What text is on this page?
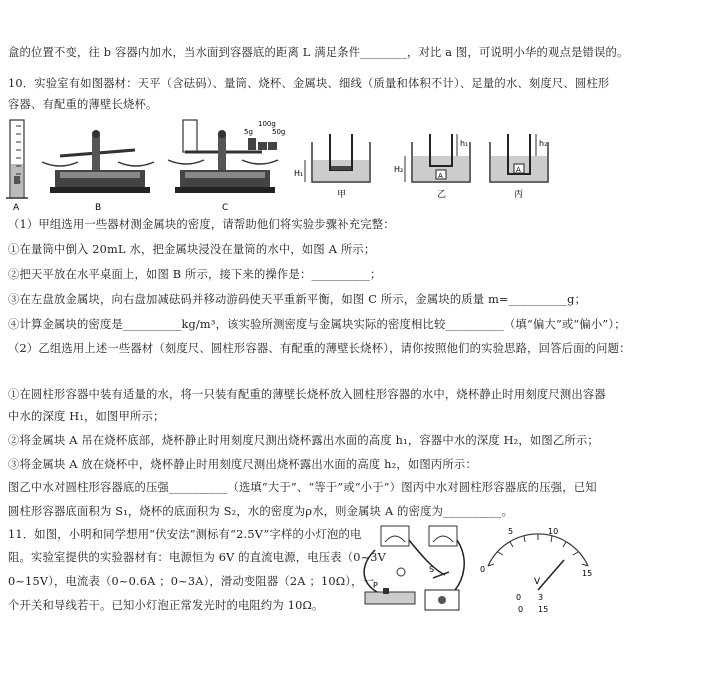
盒的位置不变，往 b 容器内加水，当水面到容器底的距离 L 满足条件________，对比 a 图，可说明小华的观点是错误的。
10．实验室有如图器材：天平（含砝码）、量筒、烧杯、金属块、细线（质量和体积不计）、足量的水、刻度尺、圆柱形
容器、有配重的薄壁长烧杯。
A	B
5g
100g
50g
C
H₁
甲
A
H₂
h₁
乙
A
h₂
丙
（1）甲组选用一些器材测金属块的密度，请帮助他们将实验步骤补充完整：
①在量筒中倒入 20mL 水，把金属块浸没在量筒的水中，如图 A 所示；
②把天平放在水平桌面上，如图 B 所示，接下来的操作是：__________；
③在左盘放金属块，向右盘加减砝码并移动游码使天平重新平衡，如图 C 所示，金属块的质量 m=__________g；
④计算金属块的密度是__________kg/m³，该实验所测密度与金属块实际的密度相比较__________（填“偏大”或“偏小”）；
（2）乙组选用上述一些器材（刻度尺、圆柱形容器、有配重的薄壁长烧杯），请你按照他们的实验思路，回答后面的问题：
①在圆柱形容器中装有适量的水，将一只装有配重的薄壁长烧杯放入圆柱形容器的水中，烧杯静止时用刻度尺测出容器
中水的深度 H₁，如图甲所示；
②将金属块 A 吊在烧杯底部，烧杯静止时用刻度尺测出烧杯露出水面的高度 h₁，容器中水的深度 H₂，如图乙所示；
③将金属块 A 放在烧杯中，烧杯静止时用刻度尺测出烧杯露出水面的高度 h₂，如图丙所示：
图乙中水对圆柱形容器底的压强__________（选填“大于”、“等于”或“小于”）图丙中水对圆柱形容器底的压强，已知
圆柱形容器底面积为 S₁，烧杯的底面积为 S₂，水的密度为ρ水，则金属块 A 的密度为__________。
11．如图，小明和同学想用“伏安法”测标有“2.5V”字样的小灯泡的电
阻。实验室提供的实验器材有：电源恒为 6V 的直流电源，电压表（0~3V
0~15V），电流表（0~0.6A ；0~3A），滑动变阻器（2A ；10Ω），一
个开关和导线若干。已知小灯泡正常发光时的电阻约为 10Ω。
S
P
0
5	10
15
V
0 3
0 15
